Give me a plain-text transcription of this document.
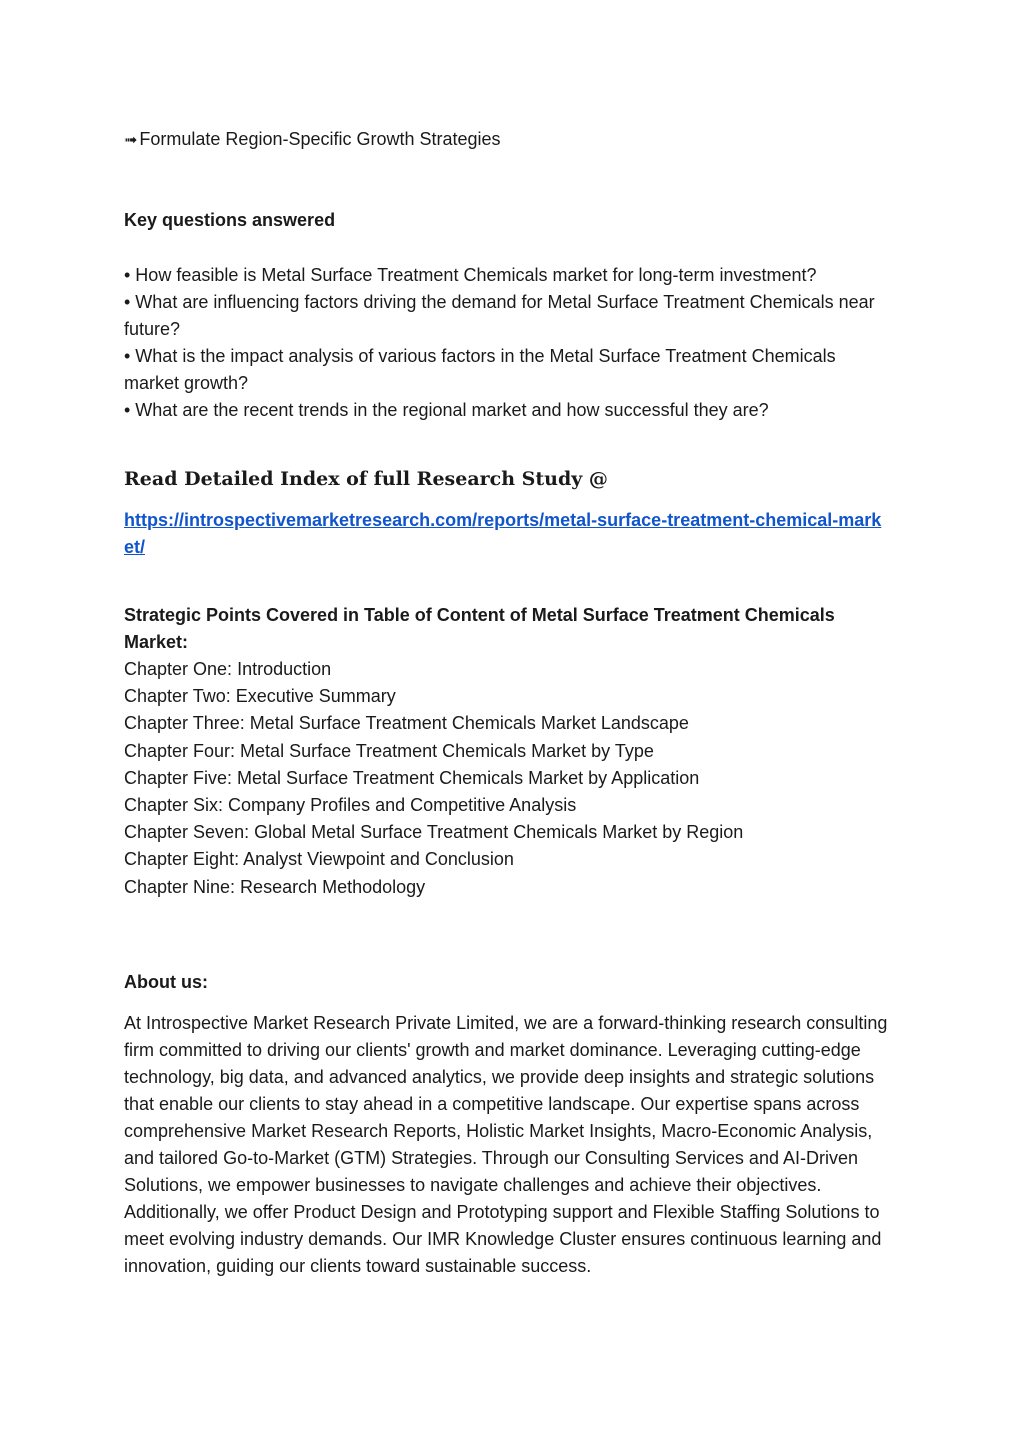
➟ Formulate Region-Specific Growth Strategies
Key questions answered
• How feasible is Metal Surface Treatment Chemicals market for long-term investment?
• What are influencing factors driving the demand for Metal Surface Treatment Chemicals near future?
• What is the impact analysis of various factors in the Metal Surface Treatment Chemicals market growth?
• What are the recent trends in the regional market and how successful they are?
Read Detailed Index of full Research Study @
https://introspectivemarketresearch.com/reports/metal-surface-treatment-chemical-market/
Strategic Points Covered in Table of Content of Metal Surface Treatment Chemicals Market:
Chapter One: Introduction
Chapter Two: Executive Summary
Chapter Three: Metal Surface Treatment Chemicals Market Landscape
Chapter Four: Metal Surface Treatment Chemicals Market by Type
Chapter Five: Metal Surface Treatment Chemicals Market by Application
Chapter Six: Company Profiles and Competitive Analysis
Chapter Seven: Global Metal Surface Treatment Chemicals Market by Region
Chapter Eight: Analyst Viewpoint and Conclusion
Chapter Nine: Research Methodology
About us:
At Introspective Market Research Private Limited, we are a forward-thinking research consulting firm committed to driving our clients' growth and market dominance. Leveraging cutting-edge technology, big data, and advanced analytics, we provide deep insights and strategic solutions that enable our clients to stay ahead in a competitive landscape. Our expertise spans across comprehensive Market Research Reports, Holistic Market Insights, Macro-Economic Analysis, and tailored Go-to-Market (GTM) Strategies. Through our Consulting Services and AI-Driven Solutions, we empower businesses to navigate challenges and achieve their objectives. Additionally, we offer Product Design and Prototyping support and Flexible Staffing Solutions to meet evolving industry demands. Our IMR Knowledge Cluster ensures continuous learning and innovation, guiding our clients toward sustainable success.
